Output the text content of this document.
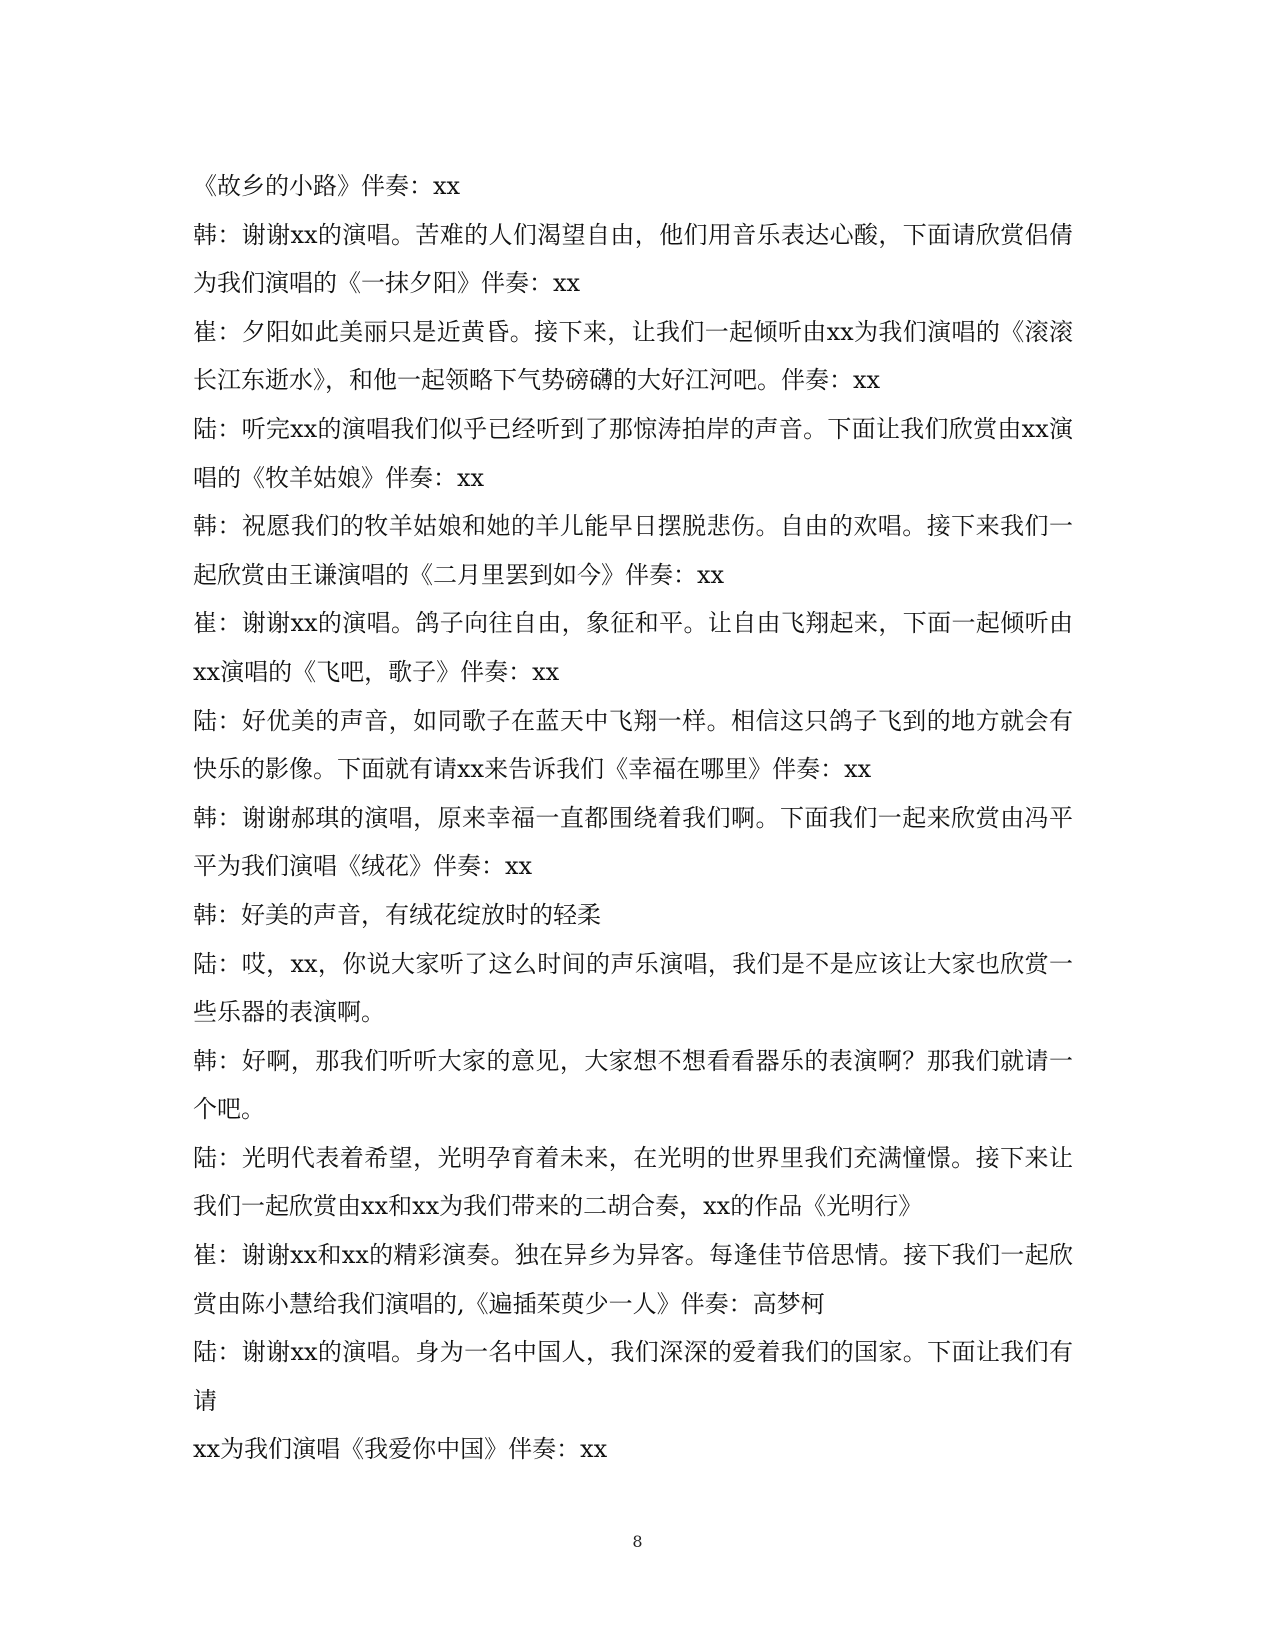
《故乡的小路》伴奏：xx

韩：谢谢xx的演唱。苦难的人们渴望自由，他们用音乐表达心酸，下面请欣赏侣倩为我们演唱的《一抹夕阳》伴奏：xx

崔：夕阳如此美丽只是近黄昏。接下来，让我们一起倾听由xx为我们演唱的《滚滚长江东逝水》，和他一起领略下气势磅礴的大好江河吧。伴奏：xx

陆：听完xx的演唱我们似乎已经听到了那惊涛拍岸的声音。下面让我们欣赏由xx演唱的《牧羊姑娘》伴奏：xx

韩：祝愿我们的牧羊姑娘和她的羊儿能早日摆脱悲伤。自由的欢唱。接下来我们一起欣赏由王谦演唱的《二月里罢到如今》伴奏：xx

崔：谢谢xx的演唱。鸽子向往自由，象征和平。让自由飞翔起来，下面一起倾听由xx演唱的《飞吧，歌子》伴奏：xx

陆：好优美的声音，如同歌子在蓝天中飞翔一样。相信这只鸽子飞到的地方就会有快乐的影像。下面就有请xx来告诉我们《幸福在哪里》伴奏：xx

韩：谢谢郝琪的演唱，原来幸福一直都围绕着我们啊。下面我们一起来欣赏由冯平平为我们演唱《绒花》伴奏：xx

韩：好美的声音，有绒花绽放时的轻柔

陆：哎，xx，你说大家听了这么时间的声乐演唱，我们是不是应该让大家也欣赏一些乐器的表演啊。

韩：好啊，那我们听听大家的意见，大家想不想看看器乐的表演啊？那我们就请一个吧。

陆：光明代表着希望，光明孕育着未来，在光明的世界里我们充满憧憬。接下来让我们一起欣赏由xx和xx为我们带来的二胡合奏，xx的作品《光明行》

崔：谢谢xx和xx的精彩演奏。独在异乡为异客。每逢佳节倍思情。接下我们一起欣赏由陈小慧给我们演唱的,《遍插茱萸少一人》伴奏：高梦柯

陆：谢谢xx的演唱。身为一名中国人，我们深深的爱着我们的国家。下面让我们有请

xx为我们演唱《我爱你中国》伴奏：xx

8
